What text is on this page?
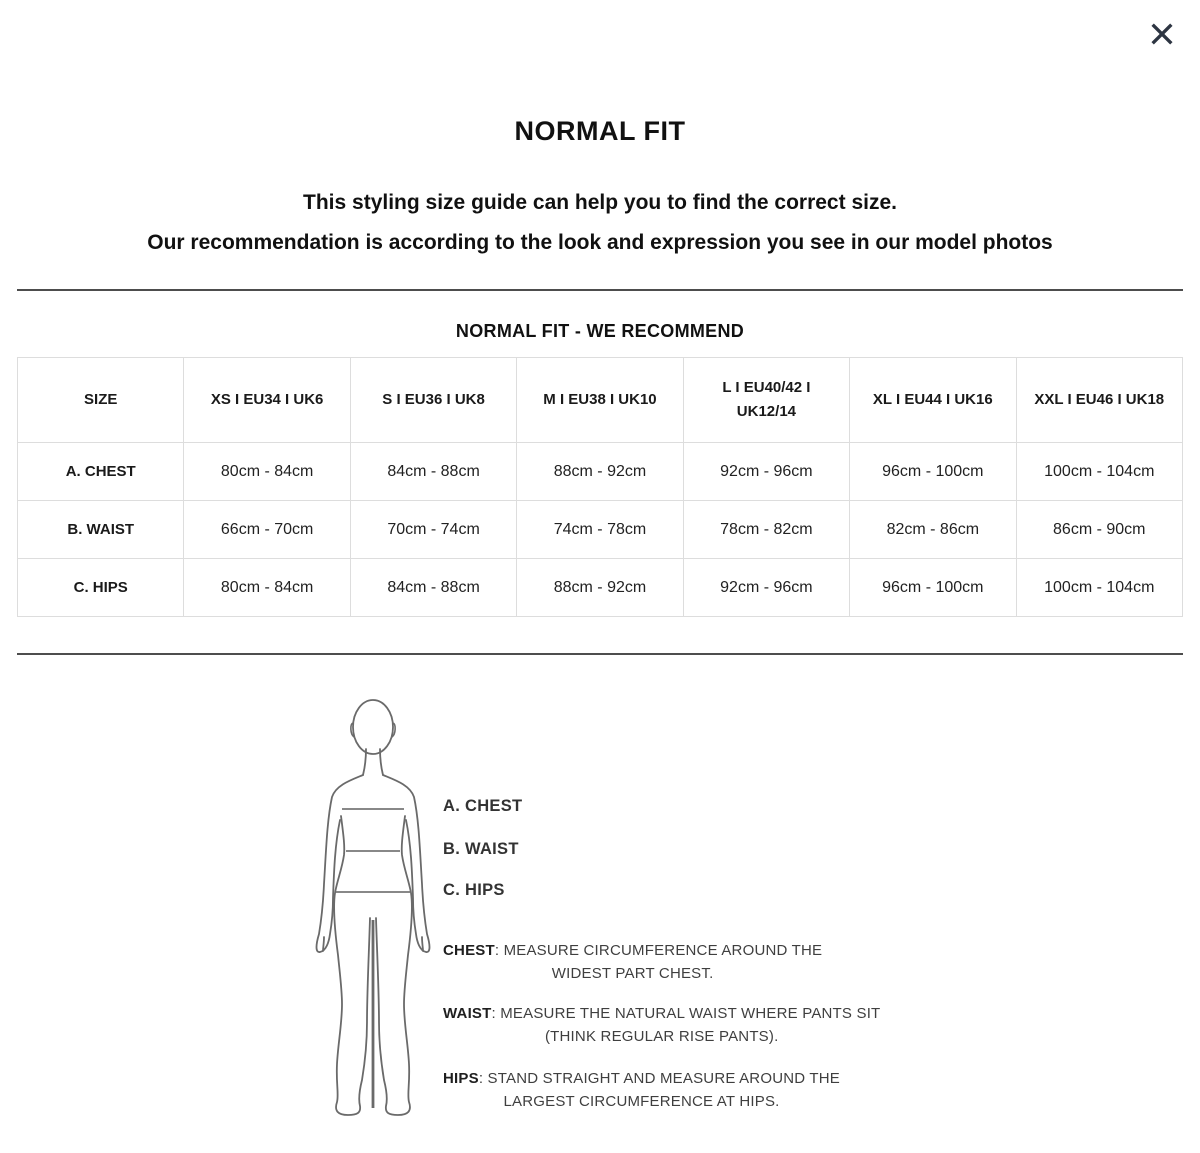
NORMAL FIT
This styling size guide can help you to find the correct size.
Our recommendation is according to the look and expression you see in our model photos
NORMAL FIT - WE RECOMMEND
SIZE	XS I EU34 I UK6	S I EU36 I UK8	M I EU38 I UK10	L I EU40/42 I UK12/14	XL I EU44 I UK16	XXL I EU46 I UK18
A. CHEST	80cm - 84cm	84cm - 88cm	88cm - 92cm	92cm - 96cm	96cm - 100cm	100cm - 104cm
B. WAIST	66cm - 70cm	70cm - 74cm	74cm - 78cm	78cm - 82cm	82cm - 86cm	86cm - 90cm
C. HIPS	80cm - 84cm	84cm - 88cm	88cm - 92cm	92cm - 96cm	96cm - 100cm	100cm - 104cm
A. CHEST
B. WAIST
C. HIPS

CHEST: MEASURE CIRCUMFERENCE AROUND THE
WIDEST PART CHEST.

WAIST: MEASURE THE NATURAL WAIST WHERE PANTS SIT
(THINK REGULAR RISE PANTS).

HIPS: STAND STRAIGHT AND MEASURE AROUND THE
LARGEST CIRCUMFERENCE AT HIPS.
